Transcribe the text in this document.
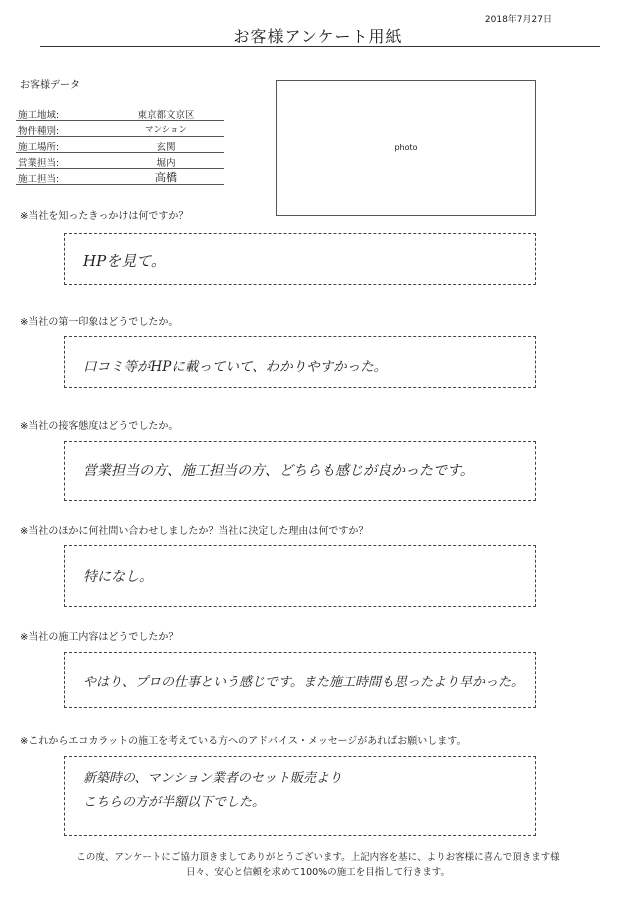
2018年7月27日
お客様アンケート用紙
お客様データ
施工地域:	東京都文京区
物件種別:	マンション
施工場所:	玄関
営業担当:	堀内
施工担当:	高橋
photo
※当社を知ったきっかけは何ですか？
HPを見て。
※当社の第一印象はどうでしたか。
口コミ等がHPに載っていて、わかりやすかった。
※当社の接客態度はどうでしたか。
営業担当の方、施工担当の方、どちらも感じが良かったです。
※当社のほかに何社問い合わせしましたか？当社に決定した理由は何ですか？
特になし。
※当社の施工内容はどうでしたか？
やはり、プロの仕事という感じです。また施工時間も思ったより早かった。
※これからエコカラットの施工を考えている方へのアドバイス・メッセージがあればお願いします。
新築時の、マンション業者のセット販売より
こちらの方が半額以下でした。
この度、アンケートにご協力頂きましてありがとうございます。上記内容を基に、よりお客様に喜んで頂きます様
日々、安心と信頼を求めて100%の施工を目指して行きます。
